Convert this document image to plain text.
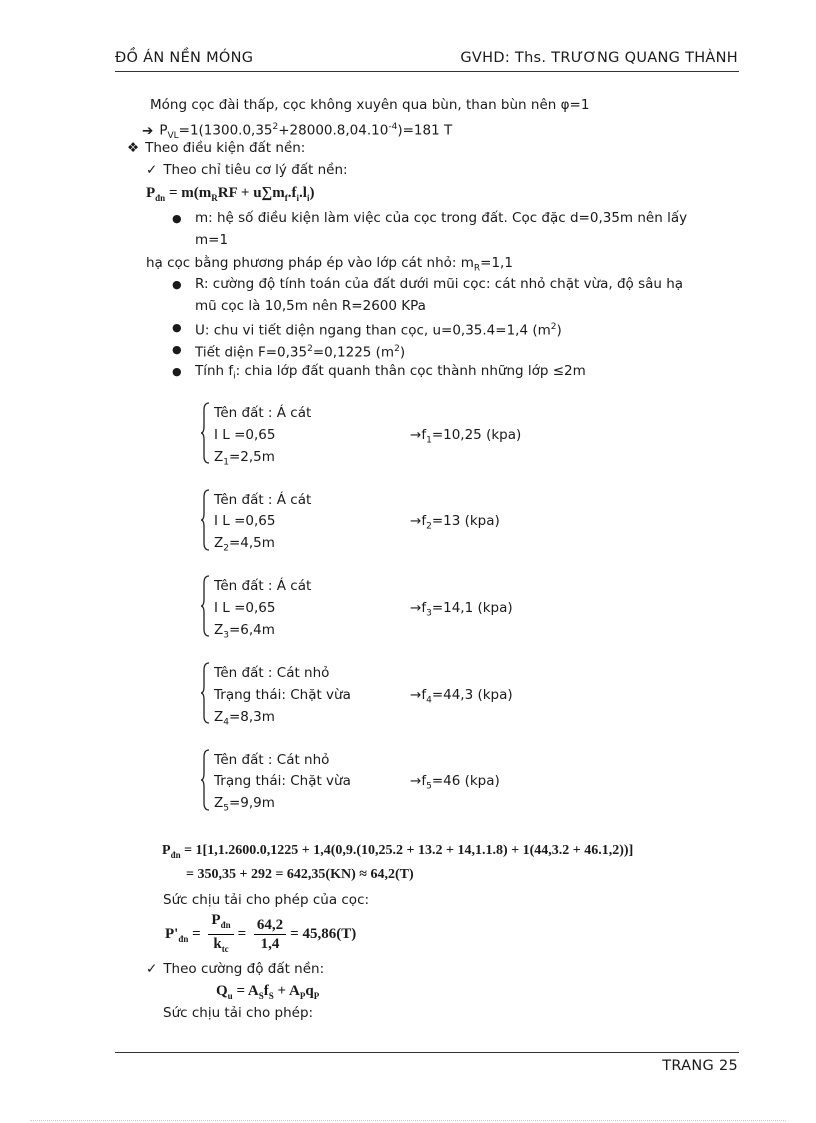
ĐỒ ÁN NỀN MÓNG	GVHD: Ths. TRƯƠNG QUANG THÀNH
Móng cọc đài thấp, cọc không xuyên qua bùn, than bùn nên φ=1
➔ $P_{VL}=1(1300.0,35^2+28000.8,04.10^{-4})=181$ T
❖ Theo điều kiện đất nền:
✓ Theo chỉ tiêu cơ lý đất nền:
$P_{đn} = m(m_RRF + u\sum m_f.f_i.l_i)$
● m: hệ số điều kiện làm việc của cọc trong đất. Cọc đặc d=0,35m nên lấy
m=1
hạ cọc bằng phương pháp ép vào lớp cát nhỏ: $m_R=1,1$
● R: cường độ tính toán của đất dưới mũi cọc: cát nhỏ chặt vừa, độ sâu hạ
mũ cọc là 10,5m nên R=2600 KPa
● U: chu vi tiết diện ngang than cọc, u=0,35.4=1,4 $(m^2)$
● Tiết diện $F=0,35^2=0,1225$ $(m^2)$
● Tính $f_i$: chia lớp đất quanh thân cọc thành những lớp ≤2m
Tên đất : Á cát
I L =0,65
$Z_1=2,5m$
$\to f_1=10,25$ (kpa)
Tên đất : Á cát
I L =0,65
$Z_2=4,5m$
$\to f_2=13$ (kpa)
Tên đất : Á cát
I L =0,65
$Z_3=6,4m$
$\to f_3=14,1$ (kpa)
Tên đất : Cát nhỏ
Trạng thái: Chặt vừa
$Z_4=8,3m$
$\to f_4=44,3$ (kpa)
Tên đất : Cát nhỏ
Trạng thái: Chặt vừa
$Z_5=9,9m$
$\to f_5=46$ (kpa)
$P_{đn} = 1[1,1.2600.0,1225 + 1,4(0,9.(10,25.2 + 13.2 + 14,1.1.8) + 1(44,3.2 + 46.1,2))]$
= 350,35 + 292 = 642,35(KN) ≈ 64,2(T)
Sức chịu tải cho phép của cọc:
$P'_{đn} = \frac{P_{đn}}{k_{tc}} = \frac{64,2}{1,4} = 45,86(T)$
✓ Theo cường độ đất nền:
$Q_u = A_Sf_S + A_Pq_P$
Sức chịu tải cho phép:
TRANG 25
